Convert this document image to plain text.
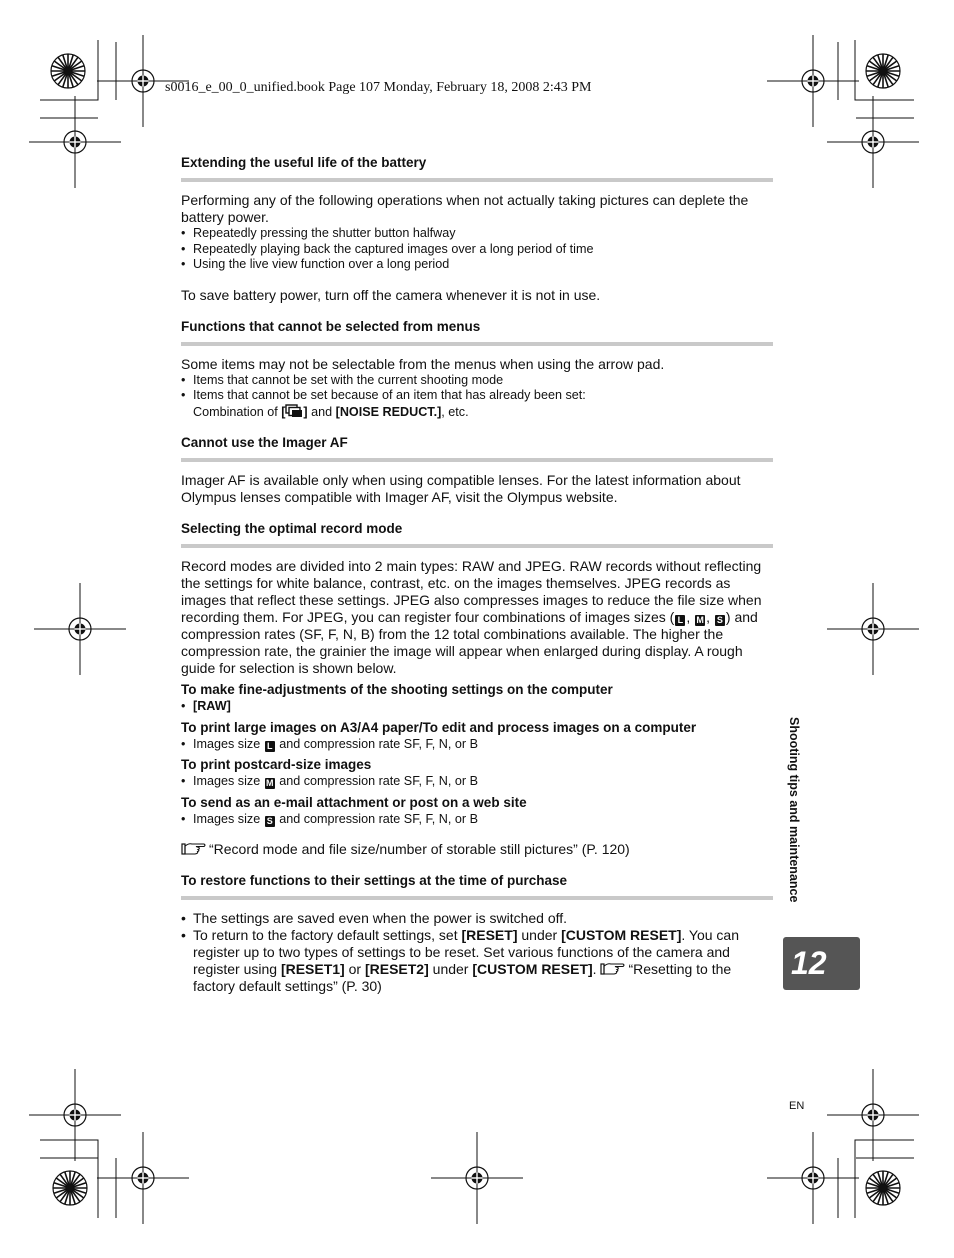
s0016_e_00_0_unified.book Page 107 Monday, February 18, 2008 2:43 PM

Extending the useful life of the battery

Performing any of the following operations when not actually taking pictures can deplete the battery power.

• Repeatedly pressing the shutter button halfway
• Repeatedly playing back the captured images over a long period of time
• Using the live view function over a long period

To save battery power, turn off the camera whenever it is not in use.

Functions that cannot be selected from menus

Some items may not be selectable from the menus when using the arrow pad.

• Items that cannot be set with the current shooting mode
• Items that cannot be set because of an item that has already been set:
Combination of [ ] and [NOISE REDUCT.], etc.

Cannot use the Imager AF

Imager AF is available only when using compatible lenses. For the latest information about Olympus lenses compatible with Imager AF, visit the Olympus website.

Selecting the optimal record mode

Record modes are divided into 2 main types: RAW and JPEG. RAW records without reflecting the settings for white balance, contrast, etc. on the images themselves. JPEG records as images that reflect these settings. JPEG also compresses images to reduce the file size when recording them. For JPEG, you can register four combinations of images sizes ( L , M , S ) and compression rates (SF, F, N, B) from the 12 total combinations available. The higher the compression rate, the grainier the image will appear when enlarged during display. A rough guide for selection is shown below.

To make fine-adjustments of the shooting settings on the computer

• [RAW]

To print large images on A3/A4 paper/To edit and process images on a computer

• Images size L and compression rate SF, F, N, or B

To print postcard-size images

• Images size M and compression rate SF, F, N, or B

To send as an e-mail attachment or post on a web site

• Images size S and compression rate SF, F, N, or B

“Record mode and file size/number of storable still pictures” (P. 120)

To restore functions to their settings at the time of purchase

• The settings are saved even when the power is switched off.
• To return to the factory default settings, set [RESET] under [CUSTOM RESET]. You can register up to two types of settings to be reset. Set various functions of the camera and register using [RESET1] or [RESET2] under [CUSTOM RESET]. “Resetting to the factory default settings” (P. 30)
Shooting tips and maintenance
12
EN
